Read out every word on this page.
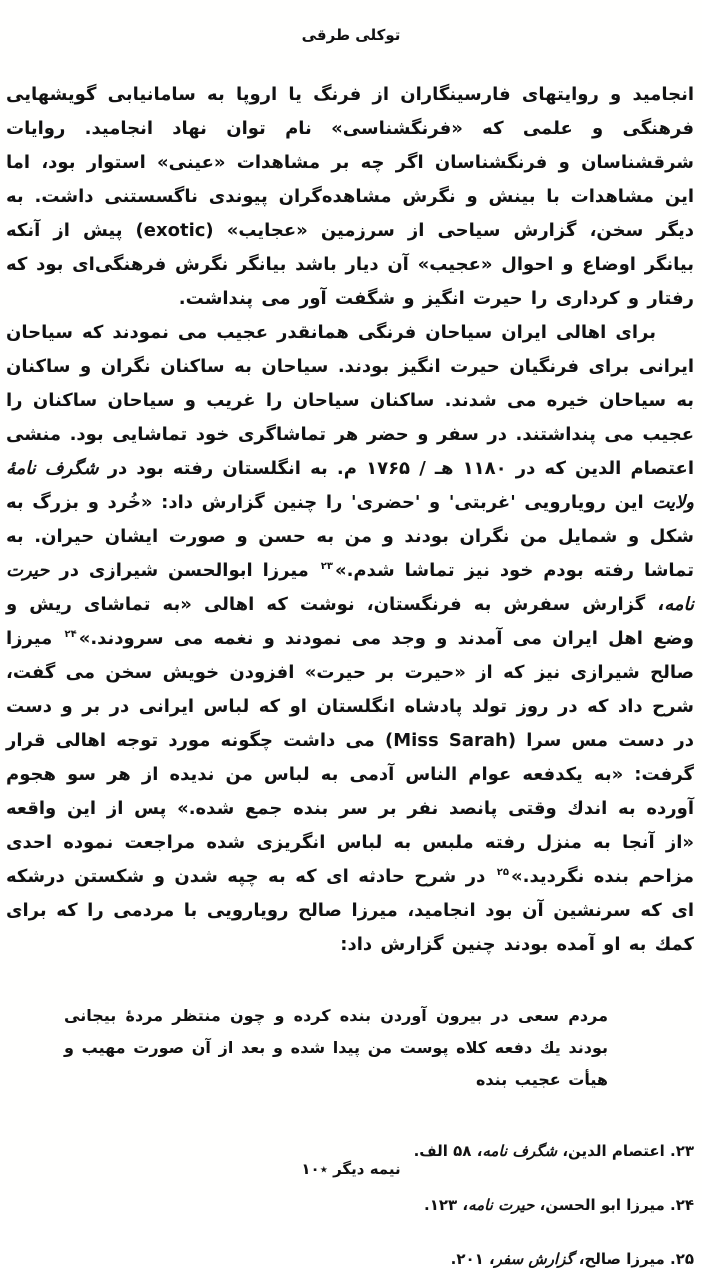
توكلى طرقى

انجاميد و روايتهاى فارسينگاران از فرنگ يا اروپا به سامانيابى گويشهايى فرهنگى و علمى كه «فرنگشناسى» نام توان نهاد انجاميد. روايات شرقشناسان و فرنگشناسان اگر چه بر مشاهدات «عينى» استوار بود، اما اين مشاهدات با بينش و نگرش مشاهده‌گران پيوندى ناگسستنى داشت. به ديگر سخن، گزارش سياحى از سرزمين «عجايب» (exotic) پيش از آنكه بيانگر اوضاع و احوال «عجيب» آن ديار باشد بيانگر نگرش فرهنگى‌اى بود كه رفتار و كردارى را حيرت انگيز و شگفت آور مى پنداشت.

براى اهالى ايران سياحان فرنگى همانقدر عجيب مى نمودند كه سياحان ايرانى براى فرنگيان حيرت انگيز بودند. سياحان به ساكنان نگران و ساكنان به سياحان خيره مى شدند. ساكنان سياحان را غريب و سياحان ساكنان را عجيب مى پنداشتند. در سفر و حضر هر تماشاگرى خود تماشايى بود. منشى اعتصام الدين كه در ۱۱۸۰ هـ / ۱۷۶۵ م. به انگلستان رفته بود در شگرف نامهٔ ولايت اين رويارويى 'غربتى' و 'حضرى' را چنين گزارش داد: «خُرد و بزرگ به شكل و شمايل من نگران بودند و من به حسن و صورت ايشان حيران. به تماشا رفته بودم خود نيز تماشا شدم.»$^{۲۳}$ ميرزا ابوالحسن شيرازى در حيرت نامه، گزارش سفرش به فرنگستان، نوشت كه اهالى «به تماشاى ريش و وضع اهل ايران مى آمدند و وجد مى نمودند و نغمه مى سرودند.»$^{۲۴}$ ميرزا صالح شيرازى نيز كه از «حيرت بر حيرت» افزودن خويش سخن مى گفت، شرح داد كه در روز تولد پادشاه انگلستان او كه لباس ايرانى در بر و دست در دست مس سرا (Miss Sarah) مى داشت چگونه مورد توجه اهالى قرار گرفت: «به يكدفعه عوام الناس آدمى به لباس من نديده از هر سو هجوم آورده به اندك وقتى پانصد نفر بر سر بنده جمع شده.» پس از اين واقعه «از آنجا به منزل رفته ملبس به لباس انگريزى شده مراجعت نموده احدى مزاحم بنده نگرديد.»$^{۲۵}$ در شرح حادثه اى كه به چپه شدن و شكستن درشكه اى كه سرنشين آن بود انجاميد، ميرزا صالح رويارويى با مردمى را كه براى كمك به او آمده بودند چنين گزارش داد:

مردم سعى در بيرون آوردن بنده كرده و چون منتظر مردهٔ بيجانى بودند يك دفعه كلاه پوست من پيدا شده و بعد از آن صورت مهيب و هيأت عجيب بنده
۲۳. اعتصام الدين، شگرف نامه، ۵۸ الف.
۲۴. ميرزا ابو الحسن، حيرت نامه، ۱۲۳.
۲۵. ميرزا صالح، گزارش سفر، ۲۰۱.
نيمه ديگر ٭۱۰
